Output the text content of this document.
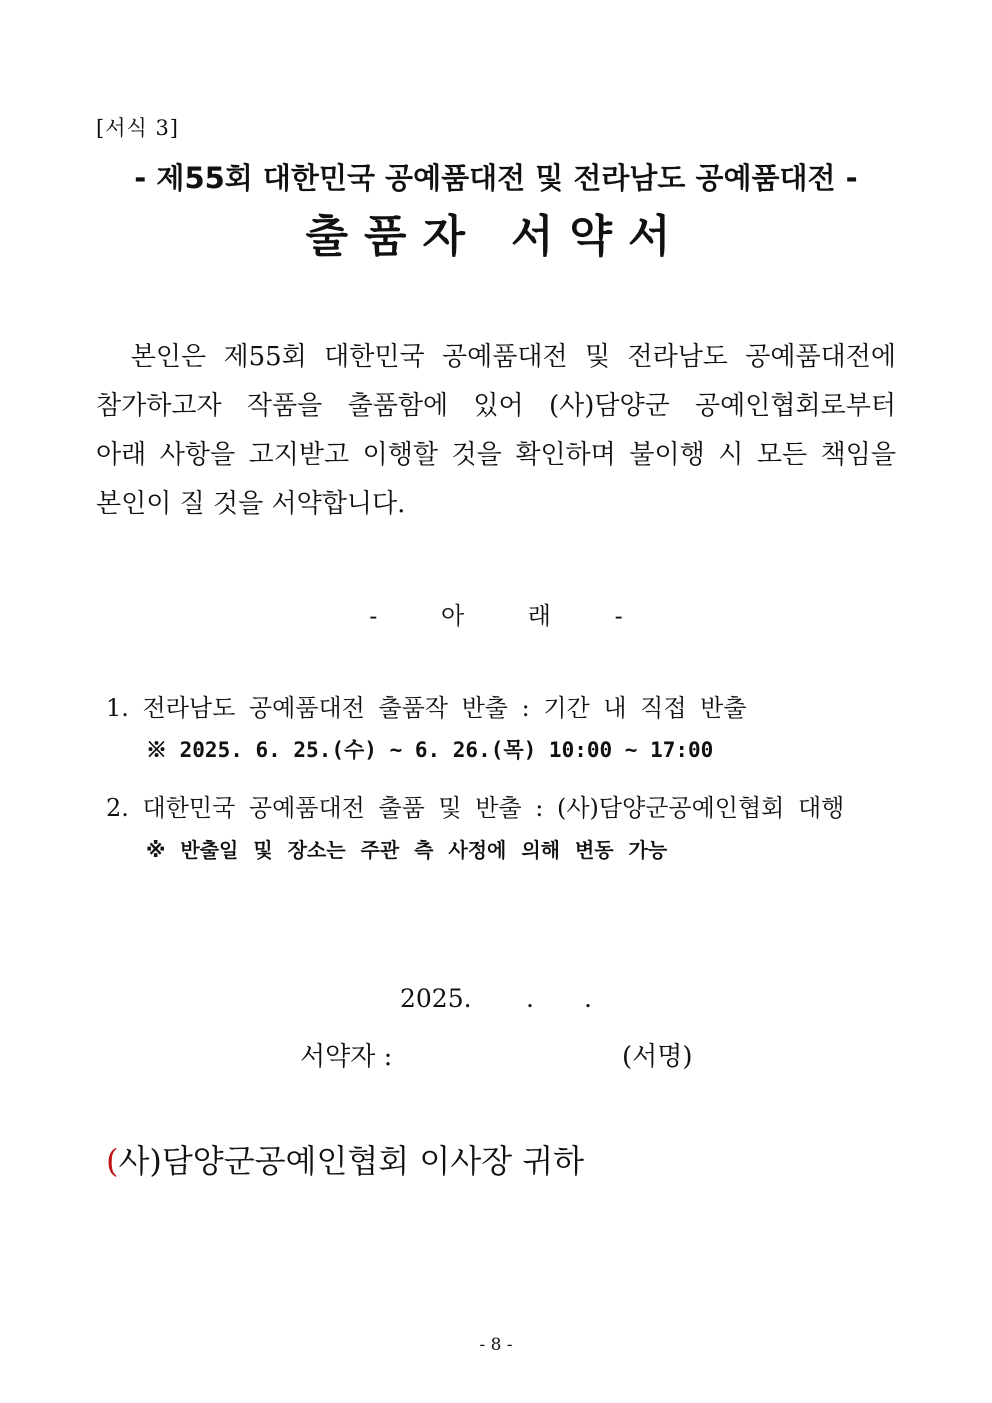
[서식 3]
- 제55회 대한민국 공예품대전 및 전라남도 공예품대전 -
출품자 서약서
본인은 제55회 대한민국 공예품대전 및 전라남도 공예품대전에
참가하고자 작품을 출품함에 있어 (사)담양군 공예인협회로부터
아래 사항을 고지받고 이행할 것을 확인하며 불이행 시 모든 책임을
본인이 질 것을 서약합니다.
- 아 래 -
1. 전라남도 공예품대전 출품작 반출 : 기간 내 직접 반출
※ 2025. 6. 25.(수) ~ 6. 26.(목) 10:00 ~ 17:00
2. 대한민국 공예품대전 출품 및 반출 : (사)담양군공예인협회 대행
※ 반출일 및 장소는 주관 측 사정에 의해 변동 가능
2025. . .
서약자 :	(서명)
(사)담양군공예인협회 이사장 귀하
- 8 -
